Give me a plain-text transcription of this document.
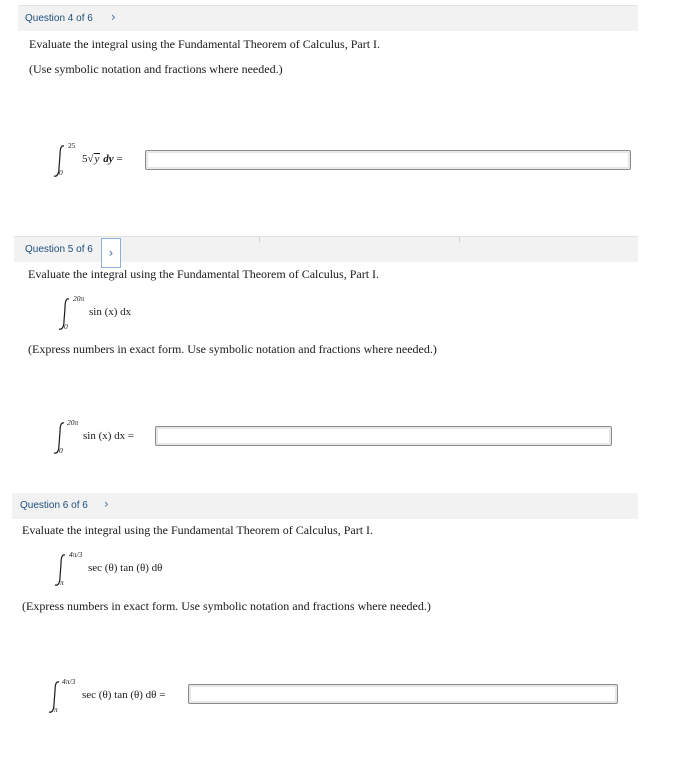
Question 4 of 6 ›
Evaluate the integral using the Fundamental Theorem of Calculus, Part I.
(Use symbolic notation and fractions where needed.)
25
0
5√y dy =
Question 5 of 6	›
Evaluate the integral using the Fundamental Theorem of Calculus, Part I.
20π
0
sin (x) dx
(Express numbers in exact form. Use symbolic notation and fractions where needed.)
20π
0
sin (x) dx =
Question 6 of 6 ›
Evaluate the integral using the Fundamental Theorem of Calculus, Part I.
4π/3
π
sec (θ) tan (θ) dθ
(Express numbers in exact form. Use symbolic notation and fractions where needed.)
4π/3
π
sec (θ) tan (θ) dθ =
